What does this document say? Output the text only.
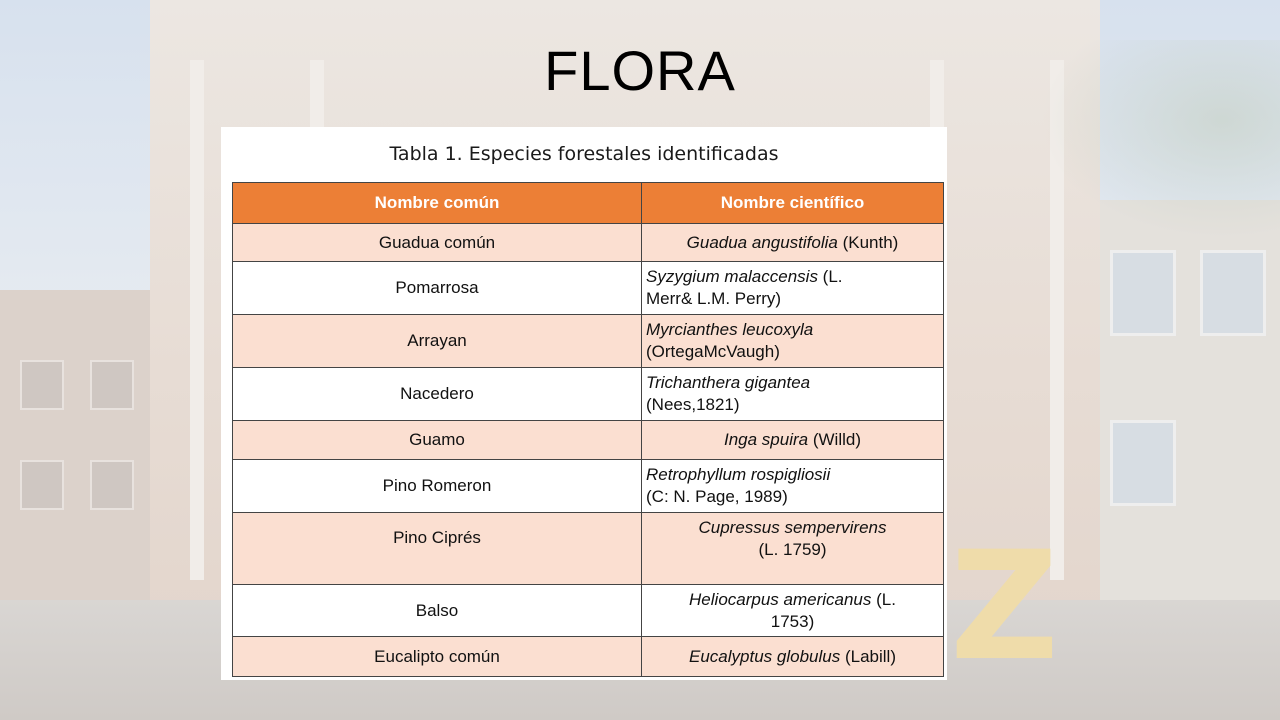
Z
FLORA
Tabla 1. Especies forestales identificadas
Nombre común	Nombre científico
Guadua común	Guadua angustifolia (Kunth)
Pomarrosa	Syzygium malaccensis (L.
Merr& L.M. Perry)
Arrayan	Myrcianthes leucoxyla
(OrtegaMcVaugh)
Nacedero	Trichanthera gigantea
(Nees,1821)
Guamo	Inga spuira (Willd)
Pino Romeron	Retrophyllum rospigliosii
(C: N. Page, 1989)
Pino Ciprés	Cupressus sempervirens
(L. 1759)
Balso	Heliocarpus americanus (L.
1753)
Eucalipto común	Eucalyptus globulus (Labill)
